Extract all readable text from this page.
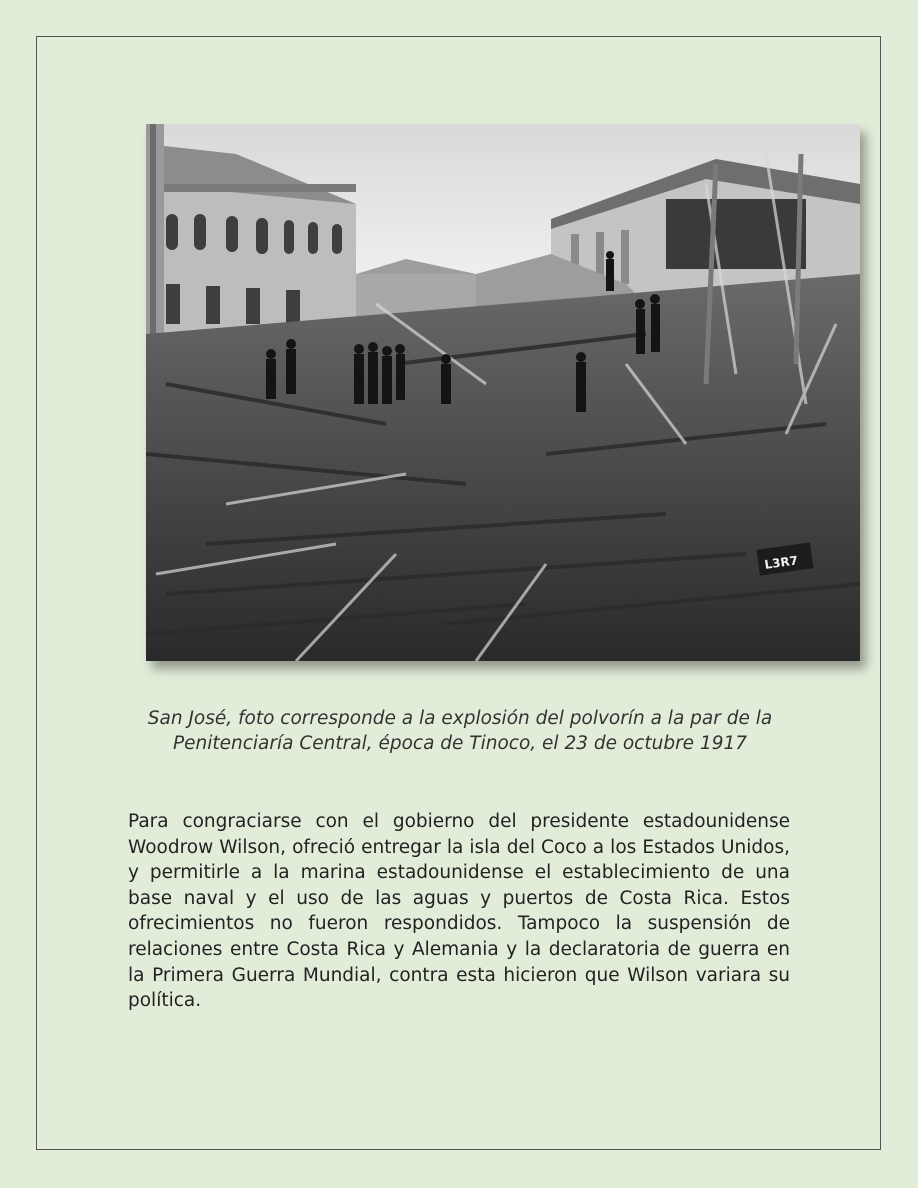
L3R7
San José, foto corresponde a la explosión del polvorín a la par de la Penitenciaría Central, época de Tinoco, el 23 de octubre 1917
Para congraciarse con el gobierno del presidente estadounidense Woodrow Wilson, ofreció entregar la isla del Coco a los Estados Unidos, y permitirle a la marina estadounidense el establecimiento de una base naval y el uso de las aguas y puertos de Costa Rica. Estos ofrecimientos no fueron respondidos. Tampoco la suspensión de relaciones entre Costa Rica y Alemania y la declaratoria de guerra en la Primera Guerra Mundial, contra esta hicieron que Wilson variara su política.
